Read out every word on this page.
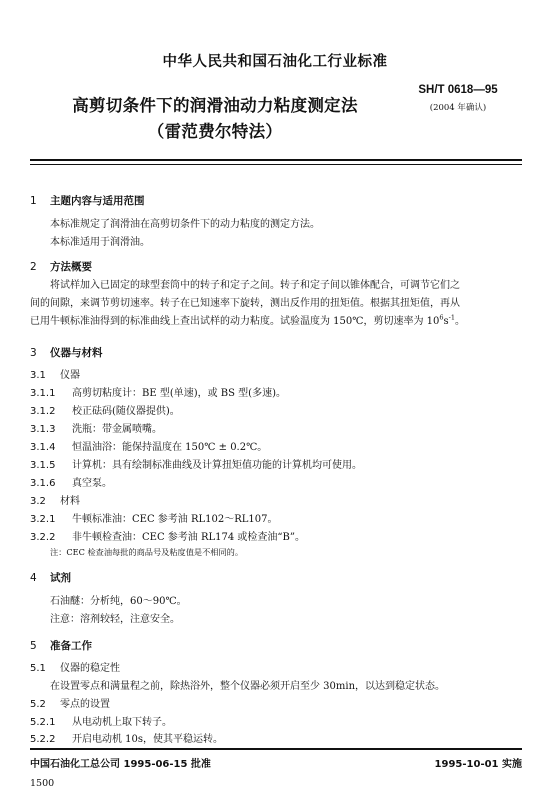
中华人民共和国石油化工行业标准
高剪切条件下的润滑油动力粘度测定法
（雷范费尔特法）
SH/T 0618—95
(2004 年确认)
1 主题内容与适用范围
本标准规定了润滑油在高剪切条件下的动力粘度的测定方法。
本标准适用于润滑油。
2 方法概要
将试样加入已固定的球型套筒中的转子和定子之间。转子和定子间以锥体配合，可调节它们之
间的间隙，来调节剪切速率。转子在已知速率下旋转，测出反作用的扭矩值。根据其扭矩值，再从
已用牛顿标准油得到的标准曲线上查出试样的动力粘度。试验温度为 150℃，剪切速率为 $10^6s^{-1}$。
3 仪器与材料
3.1 仪器
3.1.1 高剪切粘度计：BE 型(单速)，或 BS 型(多速)。
3.1.2 校正砝码(随仪器提供)。
3.1.3 洗瓶：带金属喷嘴。
3.1.4 恒温油浴：能保持温度在 150℃ ± 0.2℃。
3.1.5 计算机：具有绘制标准曲线及计算扭矩值功能的计算机均可使用。
3.1.6 真空泵。
3.2 材料
3.2.1 牛顿标准油：CEC 参考油 RL102～RL107。
3.2.2 非牛顿检查油：CEC 参考油 RL174 或检查油“B”。
注：CEC 检查油每批的商品号及粘度值是不相同的。
4 试剂
石油醚：分析纯，60～90℃。
注意：溶剂较轻，注意安全。
5 准备工作
5.1 仪器的稳定性
在设置零点和满量程之前，除热浴外，整个仪器必须开启至少 30min，以达到稳定状态。
5.2 零点的设置
5.2.1 从电动机上取下转子。
5.2.2 开启电动机 10s，使其平稳运转。
中国石油化工总公司 1995-06-15 批准	1995-10-01 实施
1500
